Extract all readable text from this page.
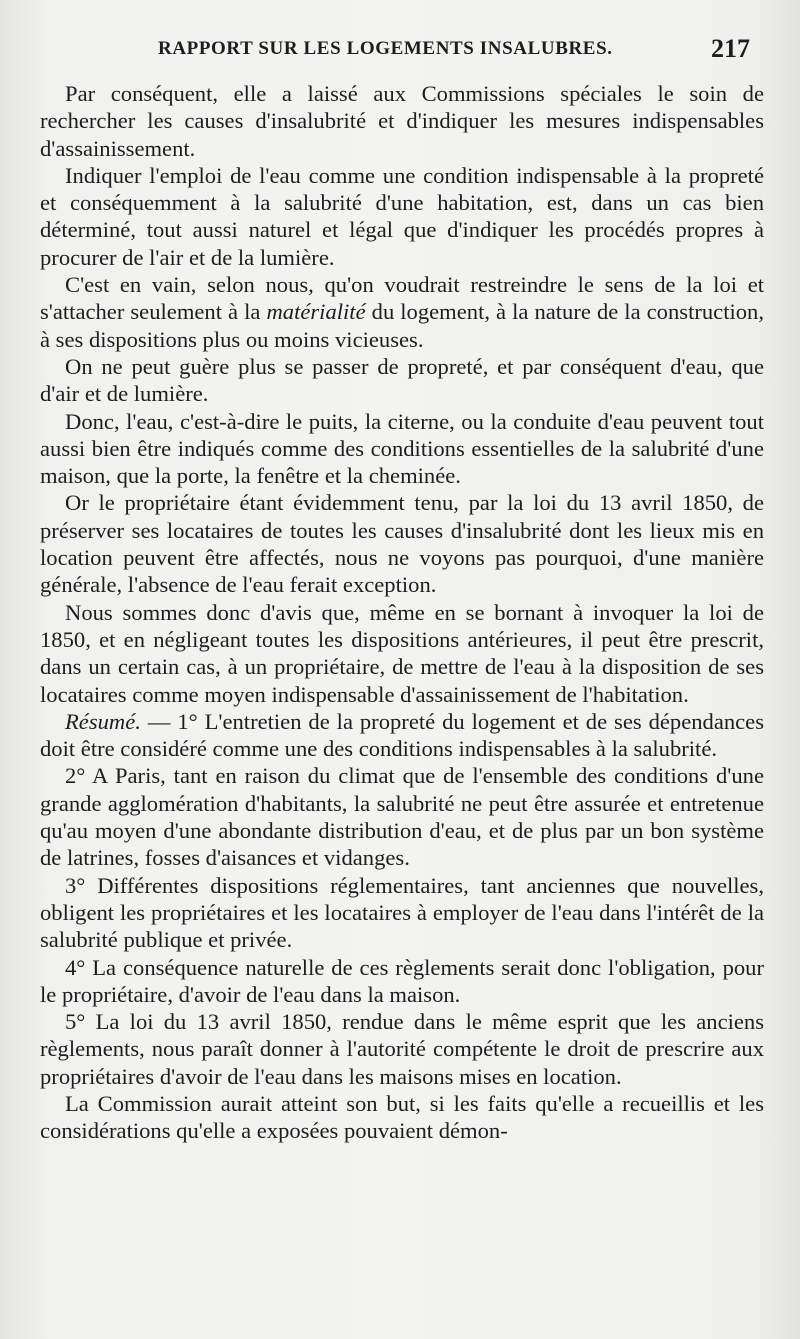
RAPPORT SUR LES LOGEMENTS INSALUBRES.	217

Par conséquent, elle a laissé aux Commissions spéciales le soin de rechercher les causes d'insalubrité et d'indiquer les mesures indispensables d'assainissement.

Indiquer l'emploi de l'eau comme une condition indispensable à la propreté et conséquemment à la salubrité d'une habitation, est, dans un cas bien déterminé, tout aussi naturel et légal que d'indiquer les procédés propres à procurer de l'air et de la lumière.

C'est en vain, selon nous, qu'on voudrait restreindre le sens de la loi et s'attacher seulement à la matérialité du logement, à la nature de la construction, à ses dispositions plus ou moins vicieuses.

On ne peut guère plus se passer de propreté, et par conséquent d'eau, que d'air et de lumière.

Donc, l'eau, c'est-à-dire le puits, la citerne, ou la conduite d'eau peuvent tout aussi bien être indiqués comme des conditions essentielles de la salubrité d'une maison, que la porte, la fenêtre et la cheminée.

Or le propriétaire étant évidemment tenu, par la loi du 13 avril 1850, de préserver ses locataires de toutes les causes d'insalubrité dont les lieux mis en location peuvent être affectés, nous ne voyons pas pourquoi, d'une manière générale, l'absence de l'eau ferait exception.

Nous sommes donc d'avis que, même en se bornant à invoquer la loi de 1850, et en négligeant toutes les dispositions antérieures, il peut être prescrit, dans un certain cas, à un propriétaire, de mettre de l'eau à la disposition de ses locataires comme moyen indispensable d'assainissement de l'habitation.

Résumé. — 1° L'entretien de la propreté du logement et de ses dépendances doit être considéré comme une des conditions indispensables à la salubrité.

2° A Paris, tant en raison du climat que de l'ensemble des conditions d'une grande agglomération d'habitants, la salubrité ne peut être assurée et entretenue qu'au moyen d'une abondante distribution d'eau, et de plus par un bon système de latrines, fosses d'aisances et vidanges.

3° Différentes dispositions réglementaires, tant anciennes que nouvelles, obligent les propriétaires et les locataires à employer de l'eau dans l'intérêt de la salubrité publique et privée.

4° La conséquence naturelle de ces règlements serait donc l'obligation, pour le propriétaire, d'avoir de l'eau dans la maison.

5° La loi du 13 avril 1850, rendue dans le même esprit que les anciens règlements, nous paraît donner à l'autorité compétente le droit de prescrire aux propriétaires d'avoir de l'eau dans les maisons mises en location.

La Commission aurait atteint son but, si les faits qu'elle a recueillis et les considérations qu'elle a exposées pouvaient démon-
